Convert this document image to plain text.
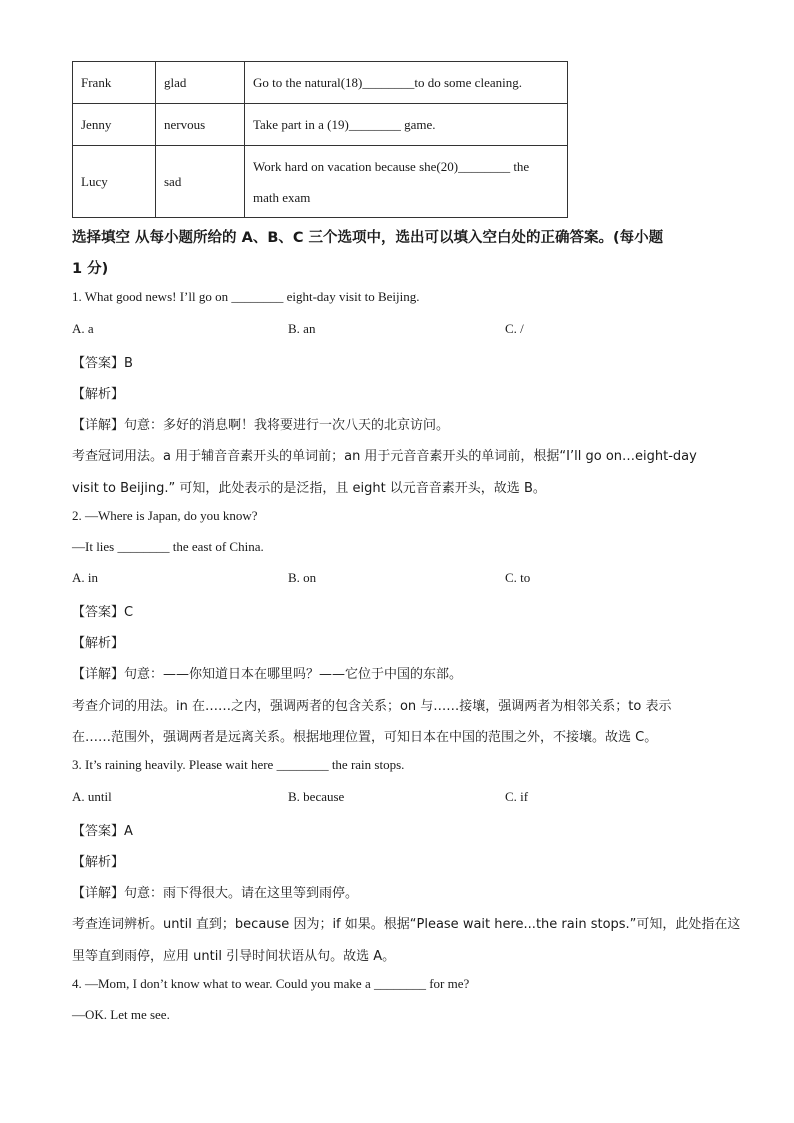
Frank	glad	Go to the natural(18)________to do some cleaning.
Jenny	nervous	Take part in a (19)________ game.
Lucy	sad	Work hard on vacation because she(20)________ the
math exam
选择填空 从每小题所给的 A、B、C 三个选项中，选出可以填入空白处的正确答案。(每小题
1 分)
1. What good news! I’ll go on ________ eight-day visit to Beijing.
A. a	B. an	C. /
【答案】B
【解析】
【详解】句意：多好的消息啊！我将要进行一次八天的北京访问。
考查冠词用法。a 用于辅音音素开头的单词前；an 用于元音音素开头的单词前，根据“I’ll go on…eight-day
visit to Beijing.” 可知，此处表示的是泛指，且 eight 以元音音素开头，故选 B。
2. —Where is Japan, do you know?
—It lies ________ the east of China.
A. in	B. on	C. to
【答案】C
【解析】
【详解】句意：——你知道日本在哪里吗？——它位于中国的东部。
考查介词的用法。in 在……之内，强调两者的包含关系；on 与……接壤，强调两者为相邻关系；to 表示
在……范围外，强调两者是远离关系。根据地理位置，可知日本在中国的范围之外，不接壤。故选 C。
3. It’s raining heavily. Please wait here ________ the rain stops.
A. until	B. because	C. if
【答案】A
【解析】
【详解】句意：雨下得很大。请在这里等到雨停。
考查连词辨析。until 直到；because 因为；if 如果。根据“Please wait here...the rain stops.”可知，此处指在这
里等直到雨停，应用 until 引导时间状语从句。故选 A。
4. —Mom, I don’t know what to wear. Could you make a ________ for me?
—OK. Let me see.
